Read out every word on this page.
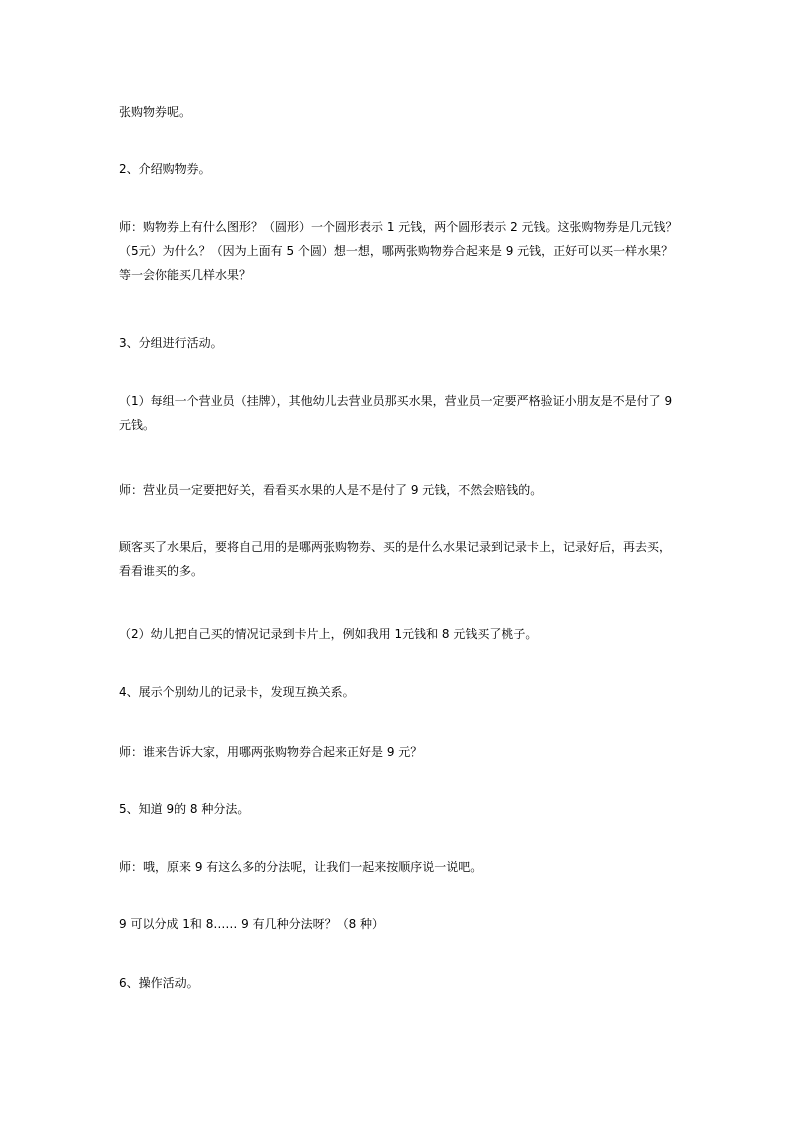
张购物券呢。

2、介绍购物券。

师：购物券上有什么图形？（圆形）一个圆形表示 1 元钱，两个圆形表示 2 元钱。这张购物券是几元钱？
（5元）为什么？（因为上面有 5 个圆）想一想，哪两张购物券合起来是 9 元钱，正好可以买一样水果？
等一会你能买几样水果？

3、分组进行活动。

（1）每组一个营业员（挂牌），其他幼儿去营业员那买水果，营业员一定要严格验证小朋友是不是付了 9
元钱。

师：营业员一定要把好关，看看买水果的人是不是付了 9 元钱，不然会赔钱的。

顾客买了水果后，要将自己用的是哪两张购物券、买的是什么水果记录到记录卡上，记录好后，再去买，
看看谁买的多。

（2）幼儿把自己买的情况记录到卡片上，例如我用 1元钱和 8 元钱买了桃子。

4、展示个别幼儿的记录卡，发现互换关系。

师：谁来告诉大家，用哪两张购物券合起来正好是 9 元？

5、知道 9的 8 种分法。

师：哦，原来 9 有这么多的分法呢，让我们一起来按顺序说一说吧。

9 可以分成 1和 8…… 9 有几种分法呀？（8 种）

6、操作活动。
